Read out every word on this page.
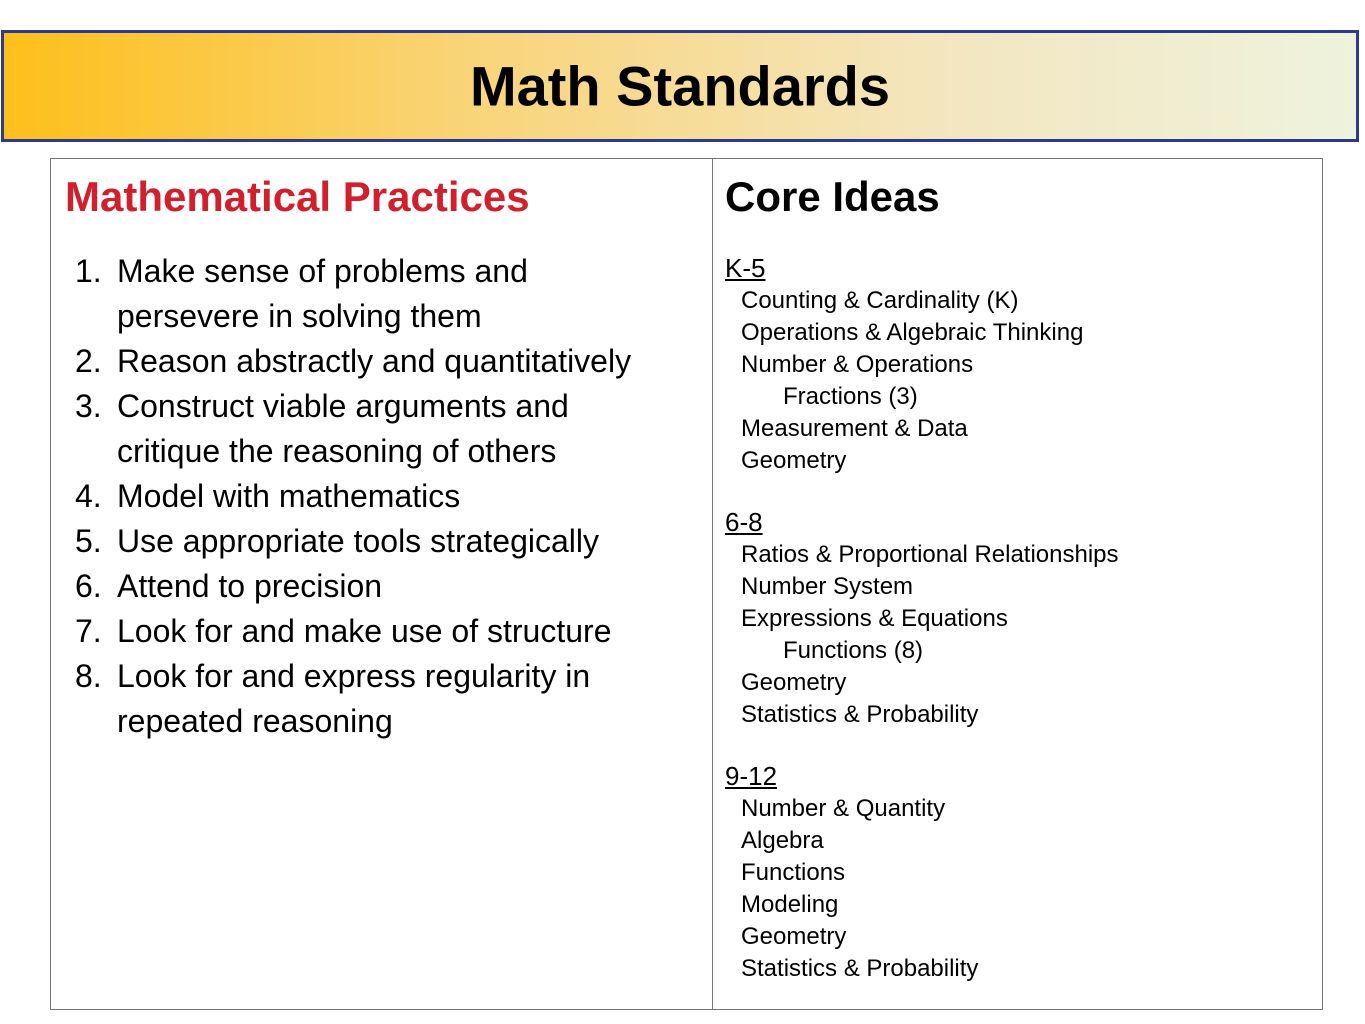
Math Standards
Mathematical Practices
1. Make sense of problems and persevere in solving them
2. Reason abstractly and quantitatively
3. Construct viable arguments and critique the reasoning of others
4. Model with mathematics
5. Use appropriate tools strategically
6. Attend to precision
7. Look for and make use of structure
8. Look for and express regularity in repeated reasoning
Core Ideas
K-5
Counting & Cardinality (K)
Operations & Algebraic Thinking
Number & Operations
Fractions (3)
Measurement & Data
Geometry
6-8
Ratios & Proportional Relationships
Number System
Expressions & Equations
Functions (8)
Geometry
Statistics & Probability
9-12
Number & Quantity
Algebra
Functions
Modeling
Geometry
Statistics & Probability
